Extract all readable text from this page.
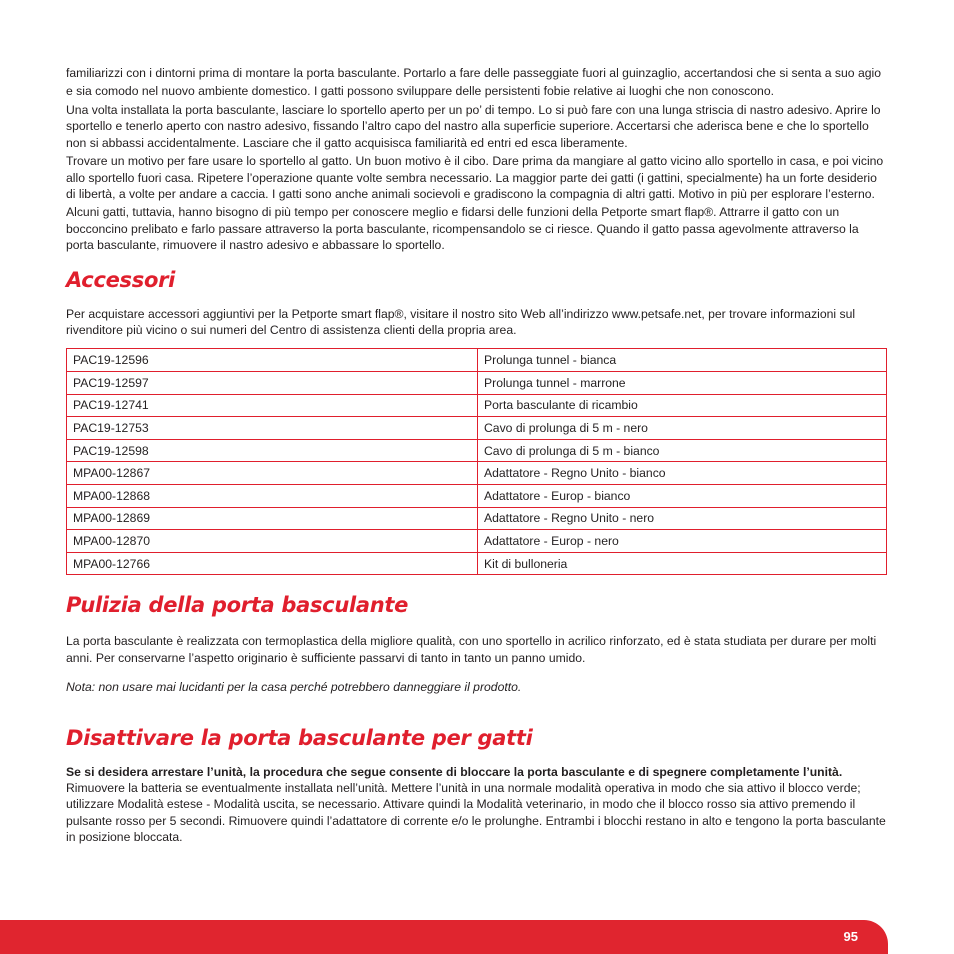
familiarizzi con i dintorni prima di montare la porta basculante. Portarlo a fare delle passeggiate fuori al guinzaglio, accertandosi che si senta a suo agio e sia comodo nel nuovo ambiente domestico. I gatti possono sviluppare delle persistenti fobie relative ai luoghi che non conoscono.

Una volta installata la porta basculante, lasciare lo sportello aperto per un po’ di tempo. Lo si può fare con una lunga striscia di nastro adesivo. Aprire lo sportello e tenerlo aperto con nastro adesivo, fissando l’altro capo del nastro alla superficie superiore. Accertarsi che aderisca bene e che lo sportello non si abbassi accidentalmente. Lasciare che il gatto acquisisca familiarità ed entri ed esca liberamente.

Trovare un motivo per fare usare lo sportello al gatto. Un buon motivo è il cibo. Dare prima da mangiare al gatto vicino allo sportello in casa, e poi vicino allo sportello fuori casa. Ripetere l’operazione quante volte sembra necessario. La maggior parte dei gatti (i gattini, specialmente) ha un forte desiderio di libertà, a volte per andare a caccia. I gatti sono anche animali socievoli e gradiscono la compagnia di altri gatti. Motivo in più per esplorare l’esterno.

Alcuni gatti, tuttavia, hanno bisogno di più tempo per conoscere meglio e fidarsi delle funzioni della Petporte smart flap®. Attrarre il gatto con un bocconcino prelibato e farlo passare attraverso la porta basculante, ricompensandolo se ci riesce. Quando il gatto passa agevolmente attraverso la porta basculante, rimuovere il nastro adesivo e abbassare lo sportello.

Accessori

Per acquistare accessori aggiuntivi per la Petporte smart flap®, visitare il nostro sito Web all’indirizzo www.petsafe.net, per trovare informazioni sul rivenditore più vicino o sui numeri del Centro di assistenza clienti della propria area.

PAC19-12596	Prolunga tunnel - bianca
PAC19-12597	Prolunga tunnel - marrone
PAC19-12741	Porta basculante di ricambio
PAC19-12753	Cavo di prolunga di 5 m - nero
PAC19-12598	Cavo di prolunga di 5 m - bianco
MPA00-12867	Adattatore - Regno Unito - bianco
MPA00-12868	Adattatore - Europ - bianco
MPA00-12869	Adattatore - Regno Unito - nero
MPA00-12870	Adattatore - Europ - nero
MPA00-12766	Kit di bulloneria
Pulizia della porta basculante

La porta basculante è realizzata con termoplastica della migliore qualità, con uno sportello in acrilico rinforzato, ed è stata studiata per durare per molti anni. Per conservarne l’aspetto originario è sufficiente passarvi di tanto in tanto un panno umido.

Nota: non usare mai lucidanti per la casa perché potrebbero danneggiare il prodotto.

Disattivare la porta basculante per gatti

Se si desidera arrestare l’unità, la procedura che segue consente di bloccare la porta basculante e di spegnere completamente l’unità. Rimuovere la batteria se eventualmente installata nell’unità. Mettere l’unità in una normale modalità operativa in modo che sia attivo il blocco verde; utilizzare Modalità estese - Modalità uscita, se necessario. Attivare quindi la Modalità veterinario, in modo che il blocco rosso sia attivo premendo il pulsante rosso per 5 secondi. Rimuovere quindi l’adattatore di corrente e/o le prolunghe. Entrambi i blocchi restano in alto e tengono la porta basculante in posizione bloccata.

95
